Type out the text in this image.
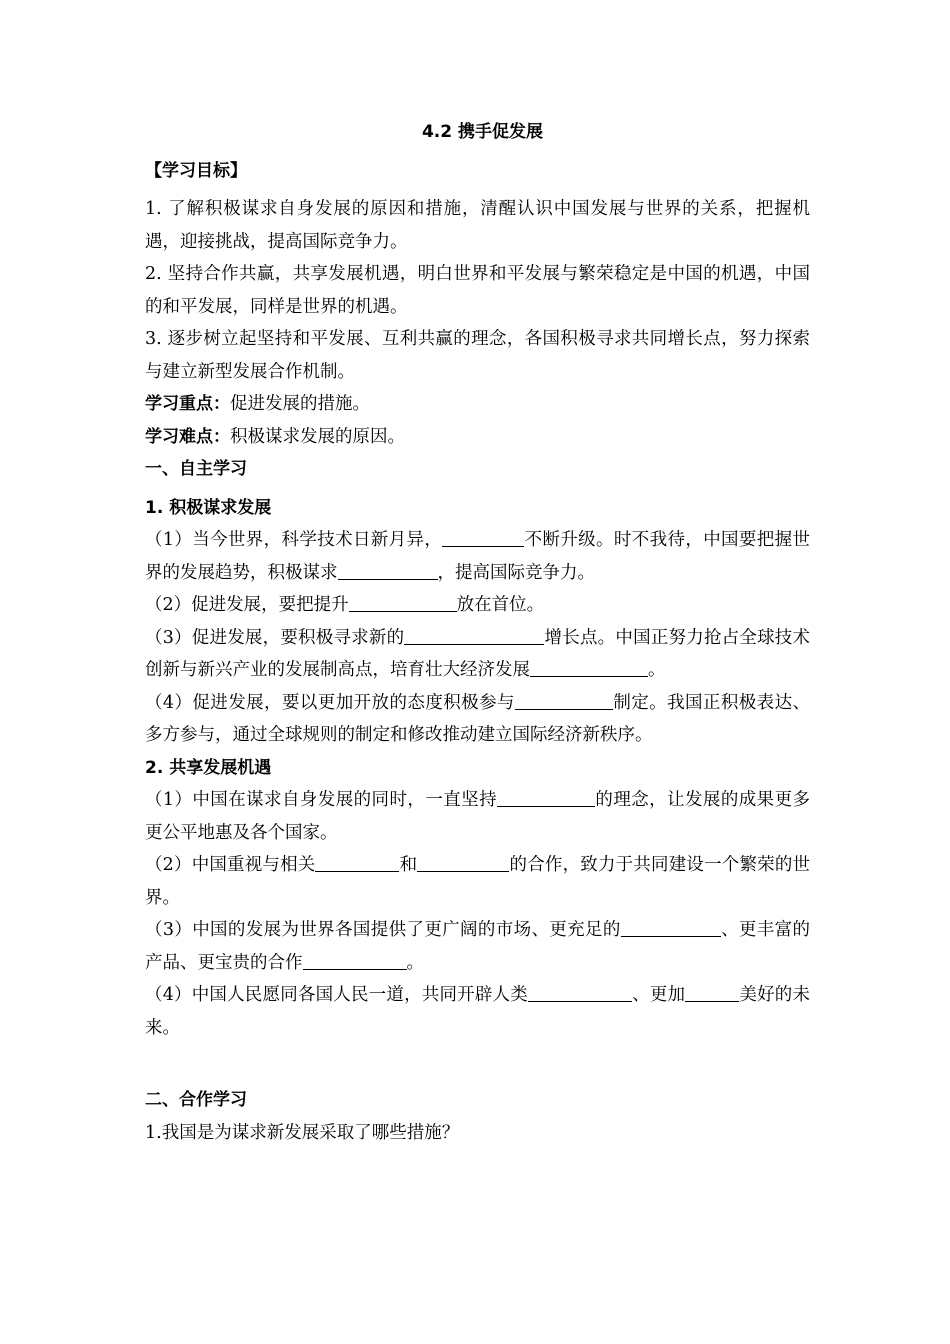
4.2 携手促发展
【学习目标】

1. 了解积极谋求自身发展的原因和措施，清醒认识中国发展与世界的关系，把握机遇，迎接挑战，提高国际竞争力。

2. 坚持合作共赢，共享发展机遇，明白世界和平发展与繁荣稳定是中国的机遇，中国的和平发展，同样是世界的机遇。

3. 逐步树立起坚持和平发展、互利共赢的理念，各国积极寻求共同增长点，努力探索与建立新型发展合作机制。

学习重点：促进发展的措施。

学习难点：积极谋求发展的原因。

一、自主学习
1. 积极谋求发展

（1）当今世界，科学技术日新月异，	不断升级。时不我待，中国要把握世界的发展趋势，积极谋求	，提高国际竞争力。

（2）促进发展，要把提升	放在首位。

（3）促进发展，要积极寻求新的	增长点。中国正努力抢占全球技术创新与新兴产业的发展制高点，培育壮大经济发展	。

（4）促进发展，要以更加开放的态度积极参与	制定。我国正积极表达、多方参与，通过全球规则的制定和修改推动建立国际经济新秩序。

2. 共享发展机遇

（1）中国在谋求自身发展的同时，一直坚持	的理念，让发展的成果更多更公平地惠及各个国家。

（2）中国重视与相关	和	的合作，致力于共同建设一个繁荣的世界。

（3）中国的发展为世界各国提供了更广阔的市场、更充足的	、更丰富的产品、更宝贵的合作	。

（4）中国人民愿同各国人民一道，共同开辟人类	、更加	美好的未来。

二、合作学习

1.我国是为谋求新发展采取了哪些措施？
